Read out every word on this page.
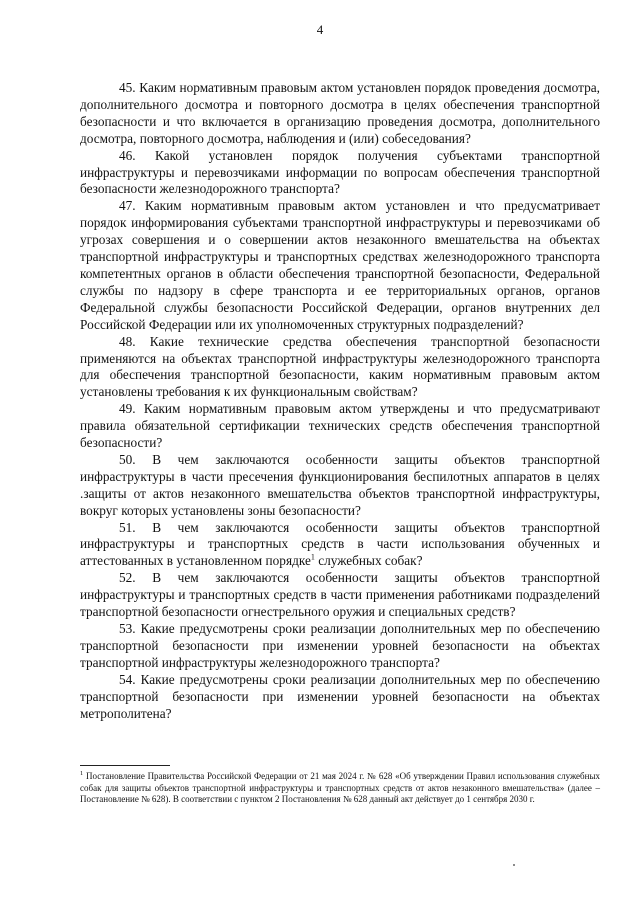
4

45. Каким нормативным правовым актом установлен порядок проведения досмотра, дополнительного досмотра и повторного досмотра в целях обеспечения транспортной безопасности и что включается в организацию проведения досмотра, дополнительного досмотра, повторного досмотра, наблюдения и (или) собеседования?

46. Какой установлен порядок получения субъектами транспортной инфраструктуры и перевозчиками информации по вопросам обеспечения транспортной безопасности железнодорожного транспорта?

47. Каким нормативным правовым актом установлен и что предусматривает порядок информирования субъектами транспортной инфраструктуры и перевозчиками об угрозах совершения и о совершении актов незаконного вмешательства на объектах транспортной инфраструктуры и транспортных средствах железнодорожного транспорта компетентных органов в области обеспечения транспортной безопасности, Федеральной службы по надзору в сфере транспорта и ее территориальных органов, органов Федеральной службы безопасности Российской Федерации, органов внутренних дел Российской Федерации или их уполномоченных структурных подразделений?

48. Какие технические средства обеспечения транспортной безопасности применяются на объектах транспортной инфраструктуры железнодорожного транспорта для обеспечения транспортной безопасности, каким нормативным правовым актом установлены требования к их функциональным свойствам?

49. Каким нормативным правовым актом утверждены и что предусматривают правила обязательной сертификации технических средств обеспечения транспортной безопасности?

50. В чем заключаются особенности защиты объектов транспортной инфраструктуры в части пресечения функционирования беспилотных аппаратов в целях .защиты от актов незаконного вмешательства объектов транспортной инфраструктуры, вокруг которых установлены зоны безопасности?

51. В чем заключаются особенности защиты объектов транспортной инфраструктуры и транспортных средств в части использования обученных и аттестованных в установленном порядке$^1$ служебных собак?

52. В чем заключаются особенности защиты объектов транспортной инфраструктуры и транспортных средств в части применения работниками подразделений транспортной безопасности огнестрельного оружия и специальных средств?

53. Какие предусмотрены сроки реализации дополнительных мер по обеспечению транспортной безопасности при изменении уровней безопасности на объектах транспортной инфраструктуры железнодорожного транспорта?

54. Какие предусмотрены сроки реализации дополнительных мер по обеспечению транспортной безопасности при изменении уровней безопасности на объектах метрополитена?

1 Постановление Правительства Российской Федерации от 21 мая 2024 г. № 628 «Об утверждении Правил использования служебных собак для защиты объектов транспортной инфраструктуры и транспортных средств от актов незаконного вмешательства» (далее – Постановление № 628). В соответствии с пунктом 2 Постановления № 628 данный акт действует до 1 сентября 2030 г.
